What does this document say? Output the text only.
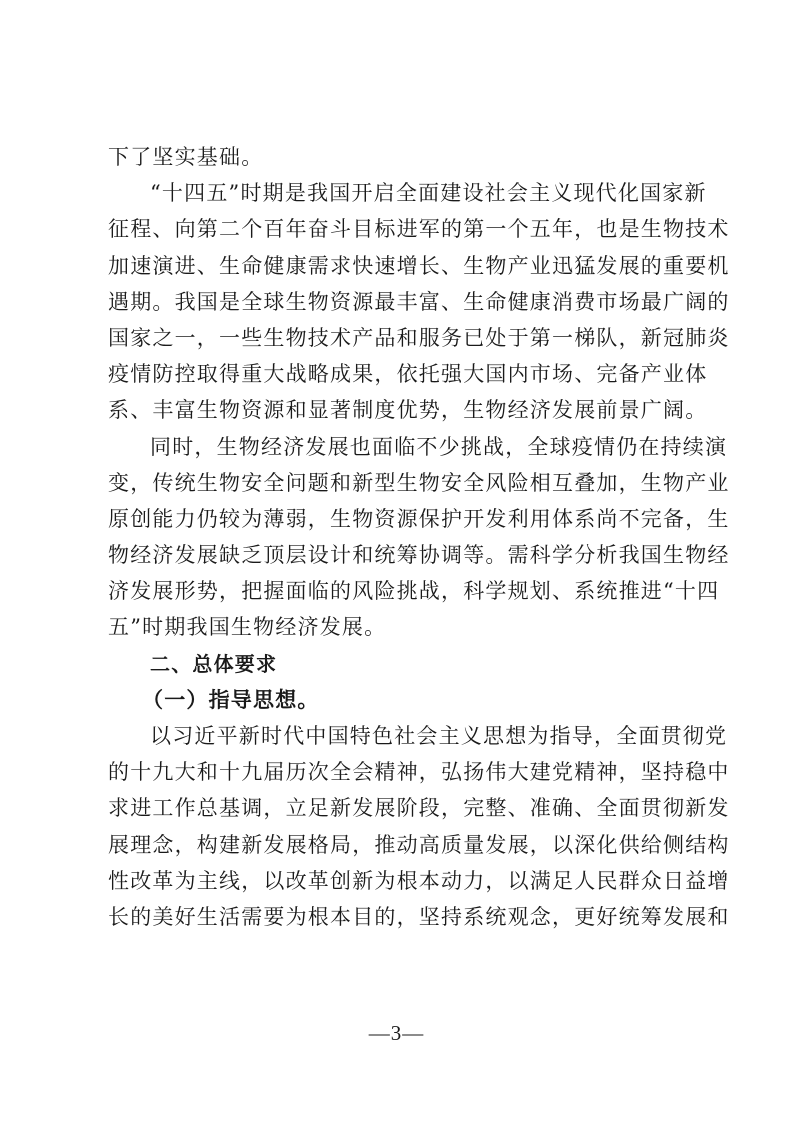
下了坚实基础。
“十四五”时期是我国开启全面建设社会主义现代化国家新
征程、向第二个百年奋斗目标进军的第一个五年，也是生物技术
加速演进、生命健康需求快速增长、生物产业迅猛发展的重要机
遇期。我国是全球生物资源最丰富、生命健康消费市场最广阔的
国家之一，一些生物技术产品和服务已处于第一梯队，新冠肺炎
疫情防控取得重大战略成果，依托强大国内市场、完备产业体
系、丰富生物资源和显著制度优势，生物经济发展前景广阔。
同时，生物经济发展也面临不少挑战，全球疫情仍在持续演
变，传统生物安全问题和新型生物安全风险相互叠加，生物产业
原创能力仍较为薄弱，生物资源保护开发利用体系尚不完备，生
物经济发展缺乏顶层设计和统筹协调等。需科学分析我国生物经
济发展形势，把握面临的风险挑战，科学规划、系统推进“十四
五”时期我国生物经济发展。
二、总体要求
（一）指导思想。
以习近平新时代中国特色社会主义思想为指导，全面贯彻党
的十九大和十九届历次全会精神，弘扬伟大建党精神，坚持稳中
求进工作总基调，立足新发展阶段，完整、准确、全面贯彻新发
展理念，构建新发展格局，推动高质量发展，以深化供给侧结构
性改革为主线，以改革创新为根本动力，以满足人民群众日益增
长的美好生活需要为根本目的，坚持系统观念，更好统筹发展和
—3—
